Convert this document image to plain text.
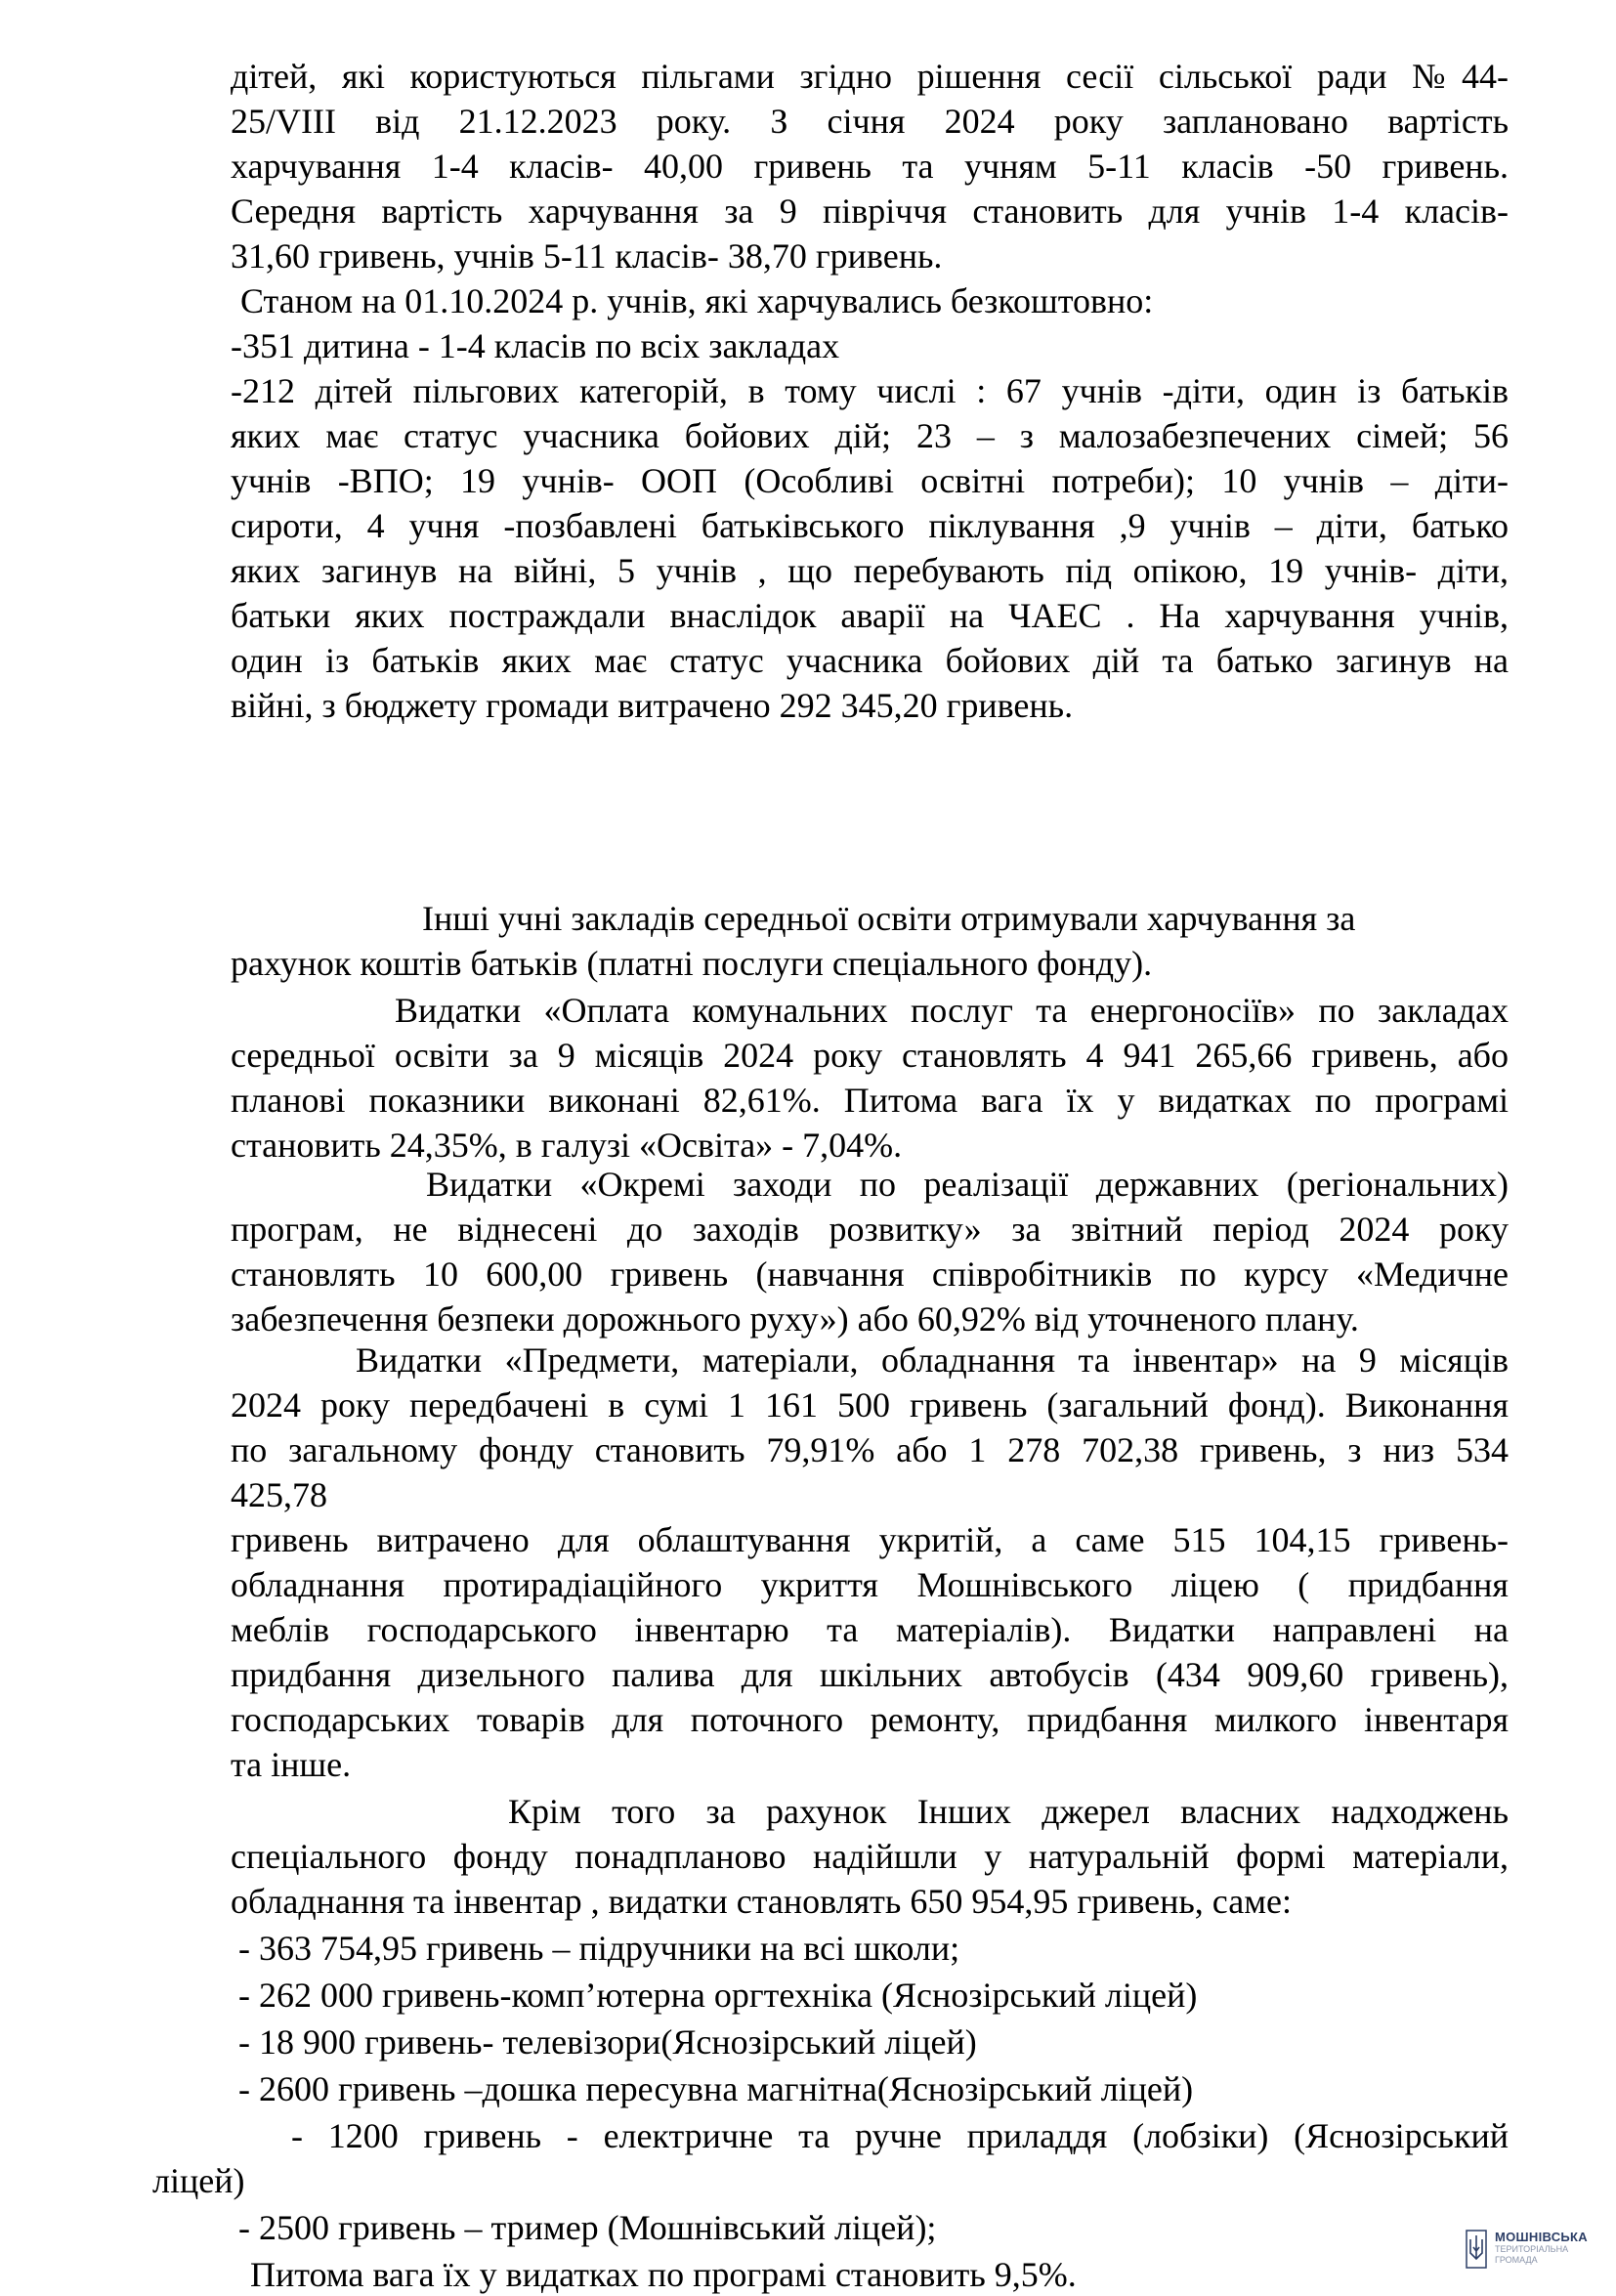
дітей, які користуються пільгами згідно рішення сесії сільської ради №44-
25/VIII від 21.12.2023 року. З січня 2024 року заплановано вартість
харчування 1-4 класів- 40,00 гривень та учням 5-11 класів -50 гривень.
Середня вартість харчування за 9 півріччя становить для учнів 1-4 класів-
31,60 гривень, учнів 5-11 класів- 38,70 гривень.
Станом на 01.10.2024 р. учнів, які харчувались безкоштовно:
-351 дитина - 1-4 класів по всіх закладах
-212 дітей пільгових категорій, в тому числі : 67 учнів -діти, один із батьків
яких має статус учасника бойових дій; 23 – з малозабезпечених сімей; 56
учнів -ВПО; 19 учнів- ООП (Особливі освітні потреби); 10 учнів – діти-
сироти, 4 учня -позбавлені батьківського піклування ,9 учнів – діти, батько
яких загинув на війні, 5 учнів , що перебувають під опікою, 19 учнів- діти,
батьки яких постраждали внаслідок аварії на ЧАЕС . На харчування учнів,
один із батьків яких має статус учасника бойових дій та батько загинув на
війні, з бюджету громади витрачено 292 345,20 гривень.
Інші учні закладів середньої освіти отримували харчування за
рахунок коштів батьків (платні послуги спеціального фонду).
Видатки «Оплата комунальних послуг та енергоносіїв» по закладах
середньої освіти за 9 місяців 2024 року становлять 4 941 265,66 гривень, або
планові показники виконані 82,61%. Питома вага їх у видатках по програмі
становить 24,35%, в галузі «Освіта» - 7,04%.
Видатки «Окремі заходи по реалізації державних (регіональних)
програм, не віднесені до заходів розвитку» за звітний період 2024 року
становлять 10 600,00 гривень (навчання співробітників по курсу «Медичне
забезпечення безпеки дорожнього руху») або 60,92% від уточненого плану.
Видатки «Предмети, матеріали, обладнання та інвентар» на 9 місяців
2024 року передбачені в сумі 1 161 500 гривень (загальний фонд). Виконання
по загальному фонду становить 79,91% або 1 278 702,38 гривень, з низ 534
425,78
гривень витрачено для облаштування укритій, а саме 515 104,15 гривень-
обладнання протирадіаційного укриття Мошнівського ліцею ( придбання
меблів господарського інвентарю та матеріалів). Видатки направлені на
придбання дизельного палива для шкільних автобусів (434 909,60 гривень),
господарських товарів для поточного ремонту, придбання милкого інвентаря
та інше.
Крім того за рахунок Інших джерел власних надходжень
спеціального фонду понадплановo надійшли у натуральній формі матеріали,
обладнання та інвентар , видатки становлять 650 954,95 гривень, саме:
- 363 754,95 гривень – підручники на всі школи;
- 262 000 гривень-комп’ютерна оргтехніка (Яснозірський ліцей)
- 18 900 гривень- телевізори(Яснозірський ліцей)
- 2600 гривень –дошка пересувна магнітна(Яснозірський ліцей)
- 1200 гривень - електричне та ручне приладдя (лобзіки) (Яснозірський
ліцей)
- 2500 гривень – тример (Мошнівський ліцей);
Питома вага їх у видатках по програмі становить 9,5%.
МОШНІВСЬКА
ТЕРИТОРІАЛЬНА
ГРОМАДА
